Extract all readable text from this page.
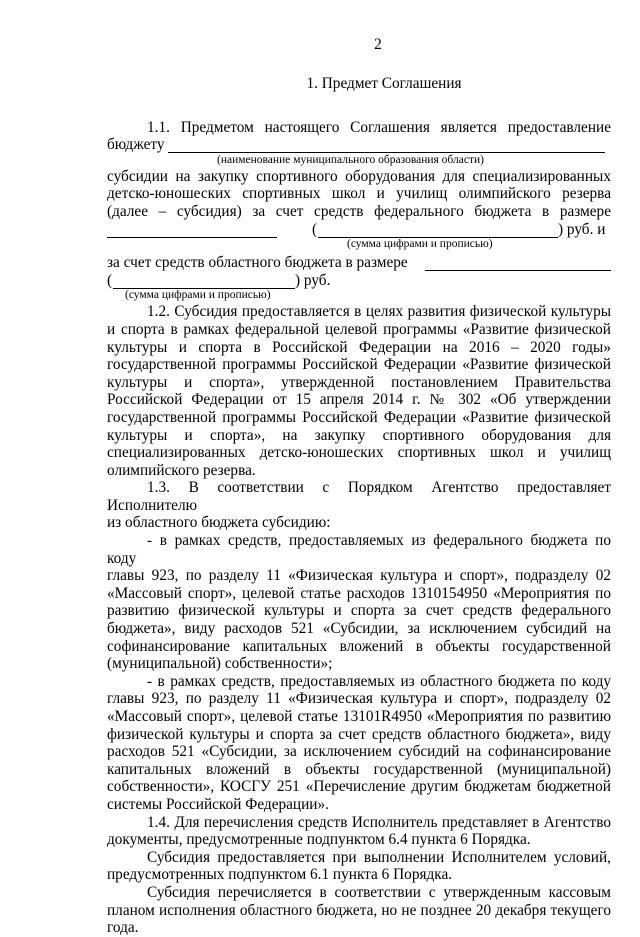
2
1. Предмет Соглашения

1.1. Предметом настоящего Соглашения является предоставление

бюджету
(наименование муниципального образования области)

субсидии на закупку спортивного оборудования для специализированных

детско-юношеских спортивных школ и училищ олимпийского резерва

(далее – субсидия) за счет средств федерального бюджета в размере

(	) руб. и
(сумма цифрами и прописью)
за счет средств областного бюджета в размере
(	) руб.
(сумма цифрами и прописью)

1.2. Субсидия предоставляется в целях развития физической культуры

и спорта в рамках федеральной целевой программы «Развитие физической

культуры и спорта в Российской Федерации на 2016 – 2020 годы»

государственной программы Российской Федерации «Развитие физической

культуры и спорта», утвержденной постановлением Правительства

Российской Федерации от 15 апреля 2014 г. № 302 «Об утверждении

государственной программы Российской Федерации «Развитие физической

культуры и спорта», на закупку спортивного оборудования для

специализированных детско-юношеских спортивных школ и училищ

олимпийского резерва.

1.3. В соответствии с Порядком Агентство предоставляет Исполнителю

из областного бюджета субсидию:

- в рамках средств, предоставляемых из федерального бюджета по коду

главы 923, по разделу 11 «Физическая культура и спорт», подразделу 02

«Массовый спорт», целевой статье расходов 1310154950 «Мероприятия по

развитию физической культуры и спорта за счет средств федерального

бюджета», виду расходов 521 «Субсидии, за исключением субсидий на

софинансирование капитальных вложений в объекты государственной

(муниципальной) собственности»;

- в рамках средств, предоставляемых из областного бюджета по коду

главы 923, по разделу 11 «Физическая культура и спорт», подразделу 02

«Массовый спорт», целевой статье 13101R4950 «Мероприятия по развитию

физической культуры и спорта за счет средств областного бюджета», виду

расходов 521 «Субсидии, за исключением субсидий на софинансирование

капитальных вложений в объекты государственной (муниципальной)

собственности», КОСГУ 251 «Перечисление другим бюджетам бюджетной

системы Российской Федерации».

1.4. Для перечисления средств Исполнитель представляет в Агентство

документы, предусмотренные подпунктом 6.4 пункта 6 Порядка.

Субсидия предоставляется при выполнении Исполнителем условий,

предусмотренных подпунктом 6.1 пункта 6 Порядка.

Субсидия перечисляется в соответствии с утвержденным кассовым

планом исполнения областного бюджета, но не позднее 20 декабря текущего

года.
